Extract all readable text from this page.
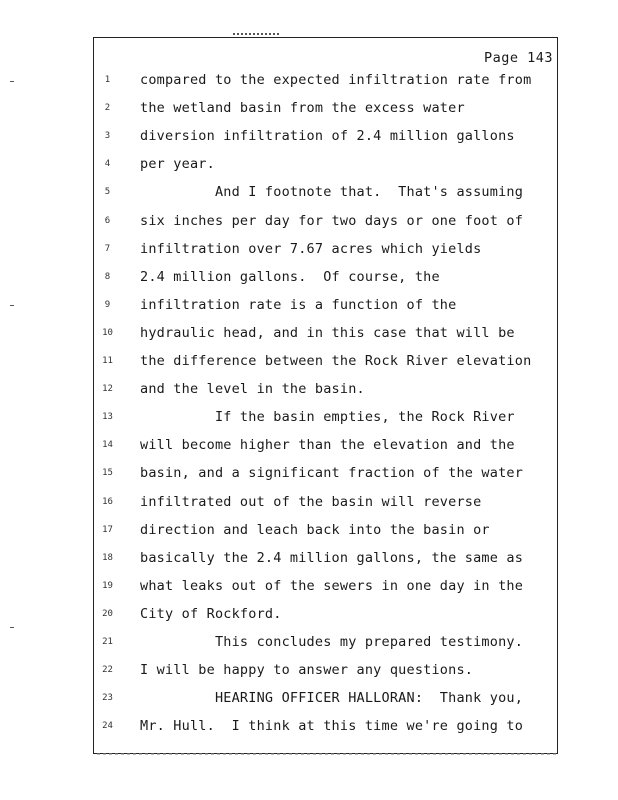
Page 143
1	compared to the expected infiltration rate from
2	the wetland basin from the excess water
3	diversion infiltration of 2.4 million gallons
4	per year.
5	And I footnote that.  That's assuming
6	six inches per day for two days or one foot of
7	infiltration over 7.67 acres which yields
8	2.4 million gallons.  Of course, the
9	infiltration rate is a function of the
10	hydraulic head, and in this case that will be
11	the difference between the Rock River elevation
12	and the level in the basin.
13	If the basin empties, the Rock River
14	will become higher than the elevation and the
15	basin, and a significant fraction of the water
16	infiltrated out of the basin will reverse
17	direction and leach back into the basin or
18	basically the 2.4 million gallons, the same as
19	what leaks out of the sewers in one day in the
20	City of Rockford.
21	This concludes my prepared testimony.
22	I will be happy to answer any questions.
23	HEARING OFFICER HALLORAN:  Thank you,
24	Mr. Hull.  I think at this time we're going to
